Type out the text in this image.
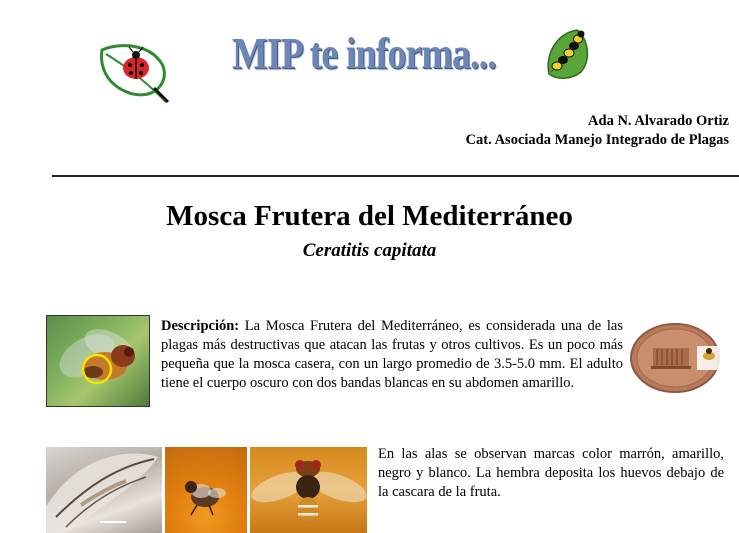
MIP te informa...
Ada N. Alvarado Ortiz
Cat. Asociada Manejo Integrado de Plagas
Mosca Frutera del Mediterráneo
Ceratitis capitata
Descripción: La Mosca Frutera del Mediterráneo, es considerada una de las plagas más destructivas que atacan las frutas y otros cultivos. Es un poco más pequeña que la mosca casera, con un largo promedio de 3.5-5.0 mm. El adulto tiene el cuerpo oscuro con dos bandas blancas en su abdomen amarillo.
En las alas se observan marcas color marrón, amarillo, negro y blanco. La hembra deposita los huevos debajo de la cascara de la fruta.
